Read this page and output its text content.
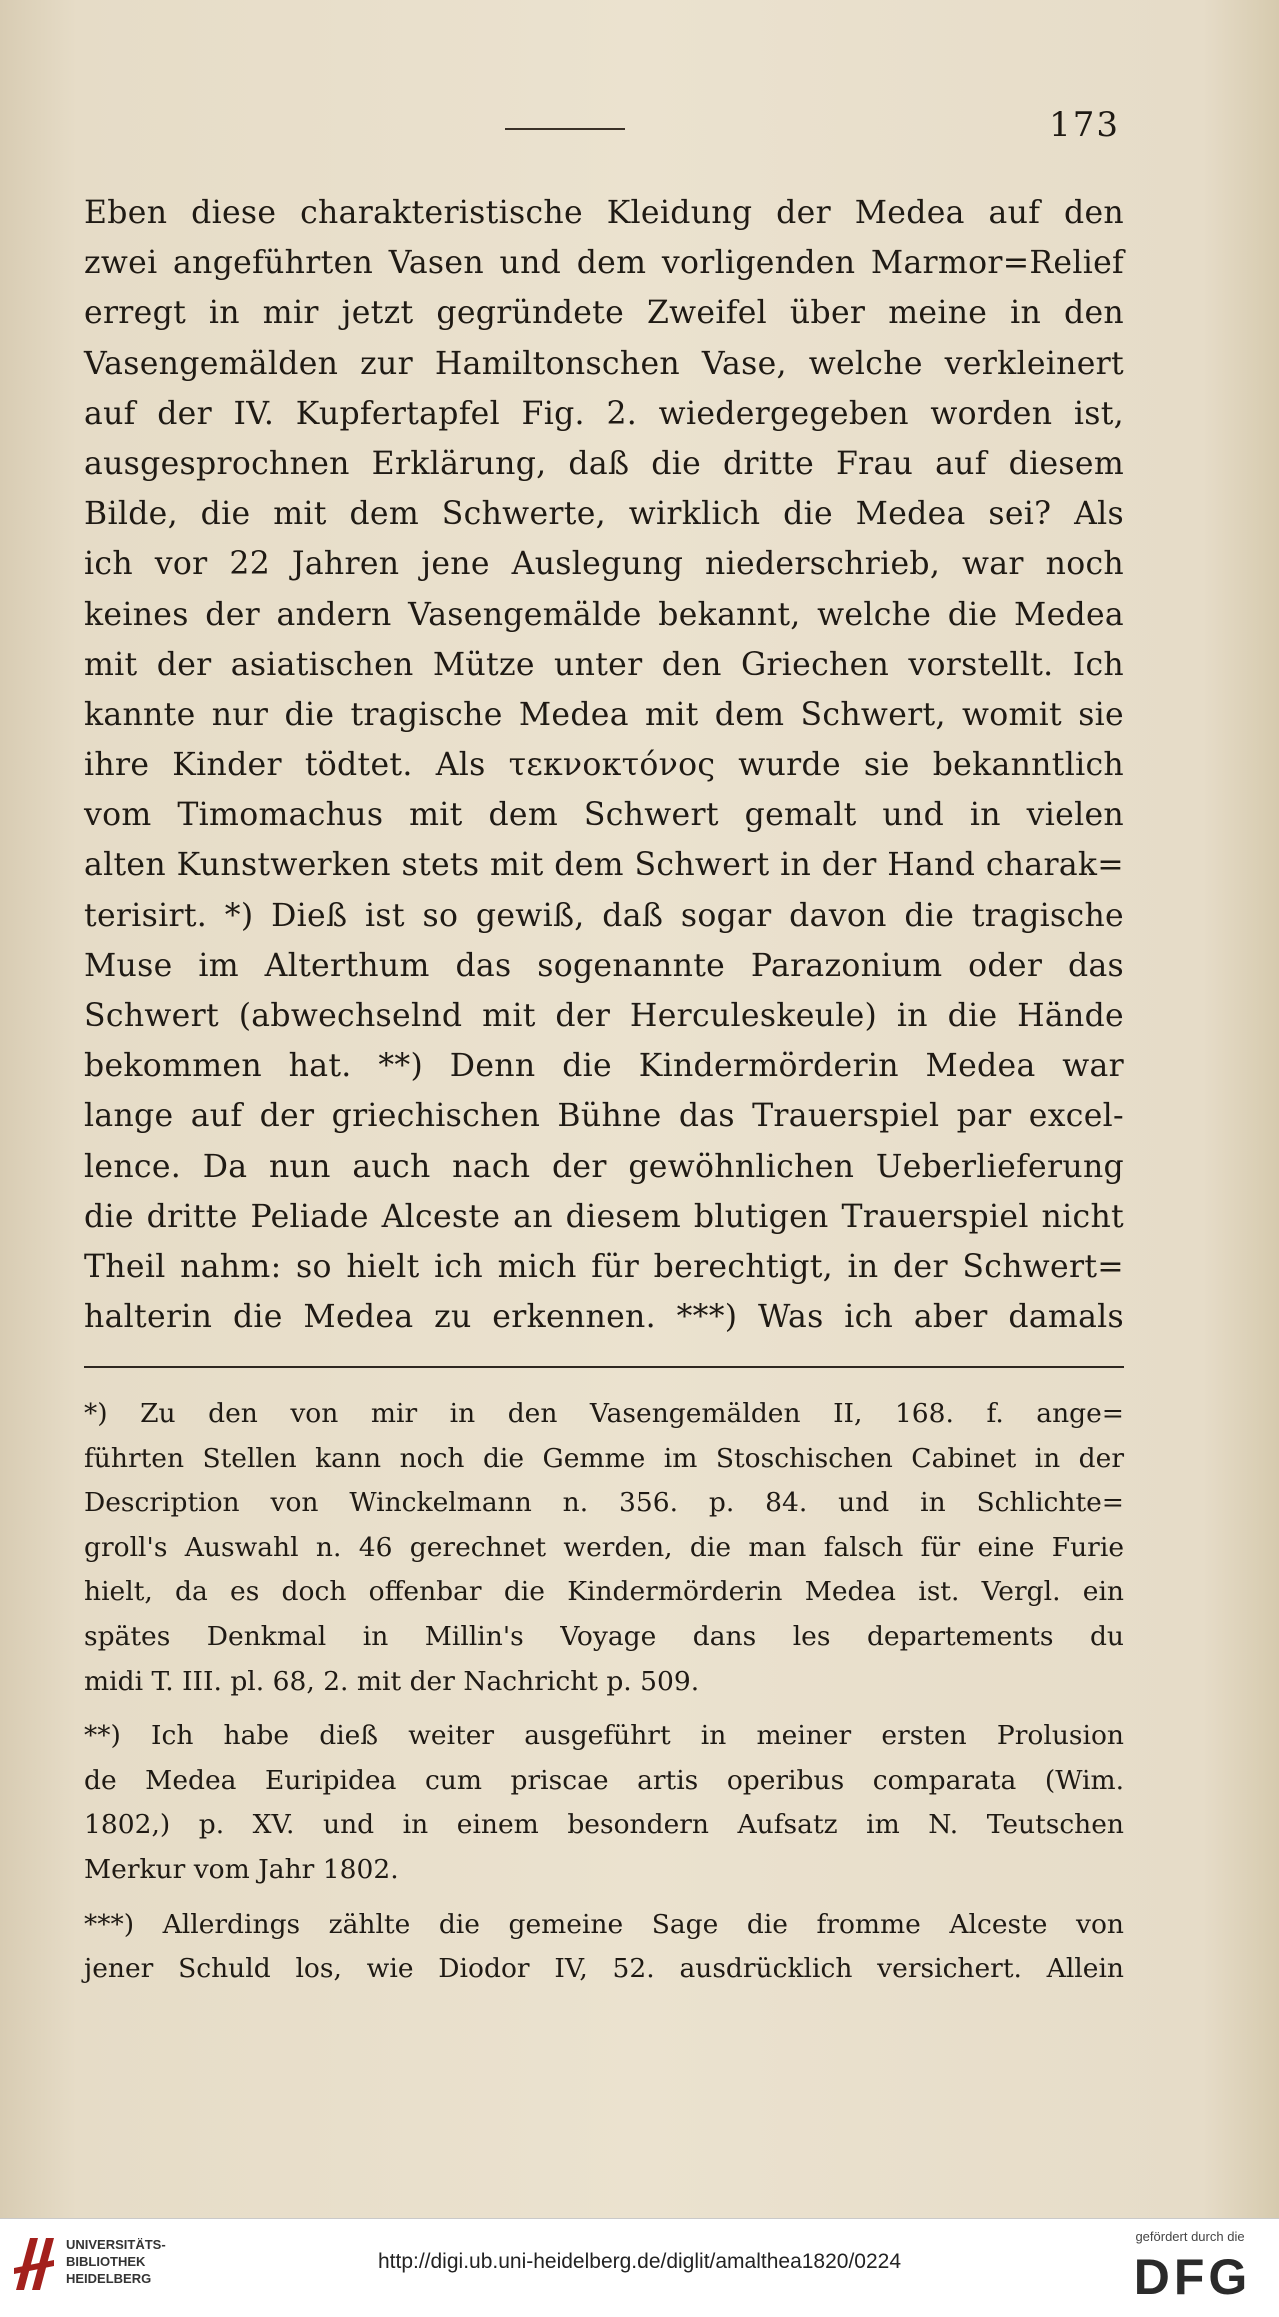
173
Eben diese charakteristische Kleidung der Medea auf den
zwei angeführten Vasen und dem vorligenden Marmor=Relief
erregt in mir jetzt gegründete Zweifel über meine in den
Vasengemälden zur Hamiltonschen Vase, welche verkleinert
auf der IV. Kupfertapfel Fig. 2. wiedergegeben worden ist,
ausgesprochnen Erklärung, daß die dritte Frau auf diesem
Bilde, die mit dem Schwerte, wirklich die Medea sei? Als
ich vor 22 Jahren jene Auslegung niederschrieb, war noch
keines der andern Vasengemälde bekannt, welche die Medea
mit der asiatischen Mütze unter den Griechen vorstellt. Ich
kannte nur die tragische Medea mit dem Schwert, womit sie
ihre Kinder tödtet. Als τεκνοκτόνος wurde sie bekanntlich
vom Timomachus mit dem Schwert gemalt und in vielen
alten Kunstwerken stets mit dem Schwert in der Hand charak=
terisirt. *) Dieß ist so gewiß, daß sogar davon die tragische
Muse im Alterthum das sogenannte Parazonium oder das
Schwert (abwechselnd mit der Herculeskeule) in die Hände
bekommen hat. **) Denn die Kindermörderin Medea war
lange auf der griechischen Bühne das Trauerspiel par excel-
lence. Da nun auch nach der gewöhnlichen Ueberlieferung
die dritte Peliade Alceste an diesem blutigen Trauerspiel nicht
Theil nahm: so hielt ich mich für berechtigt, in der Schwert=
halterin die Medea zu erkennen. ***) Was ich aber damals
*) Zu den von mir in den Vasengemälden II, 168. f. ange=
führten Stellen kann noch die Gemme im Stoschischen Cabinet in der
Description von Winckelmann n. 356. p. 84. und in Schlichte=
groll's Auswahl n. 46 gerechnet werden, die man falsch für eine Furie
hielt, da es doch offenbar die Kindermörderin Medea ist. Vergl. ein
spätes Denkmal in Millin's Voyage dans les departements du
midi T. III. pl. 68, 2. mit der Nachricht p. 509.
**) Ich habe dieß weiter ausgeführt in meiner ersten Prolusion
de Medea Euripidea cum priscae artis operibus comparata (Wim.
1802,) p. XV. und in einem besondern Aufsatz im N. Teutschen
Merkur vom Jahr 1802.
***) Allerdings zählte die gemeine Sage die fromme Alceste von
jener Schuld los, wie Diodor IV, 52. ausdrücklich versichert. Allein
UNIVERSITÄTS-
BIBLIOTHEK
HEIDELBERG
http://digi.ub.uni-heidelberg.de/diglit/amalthea1820/0224
gefördert durch die
DFG
